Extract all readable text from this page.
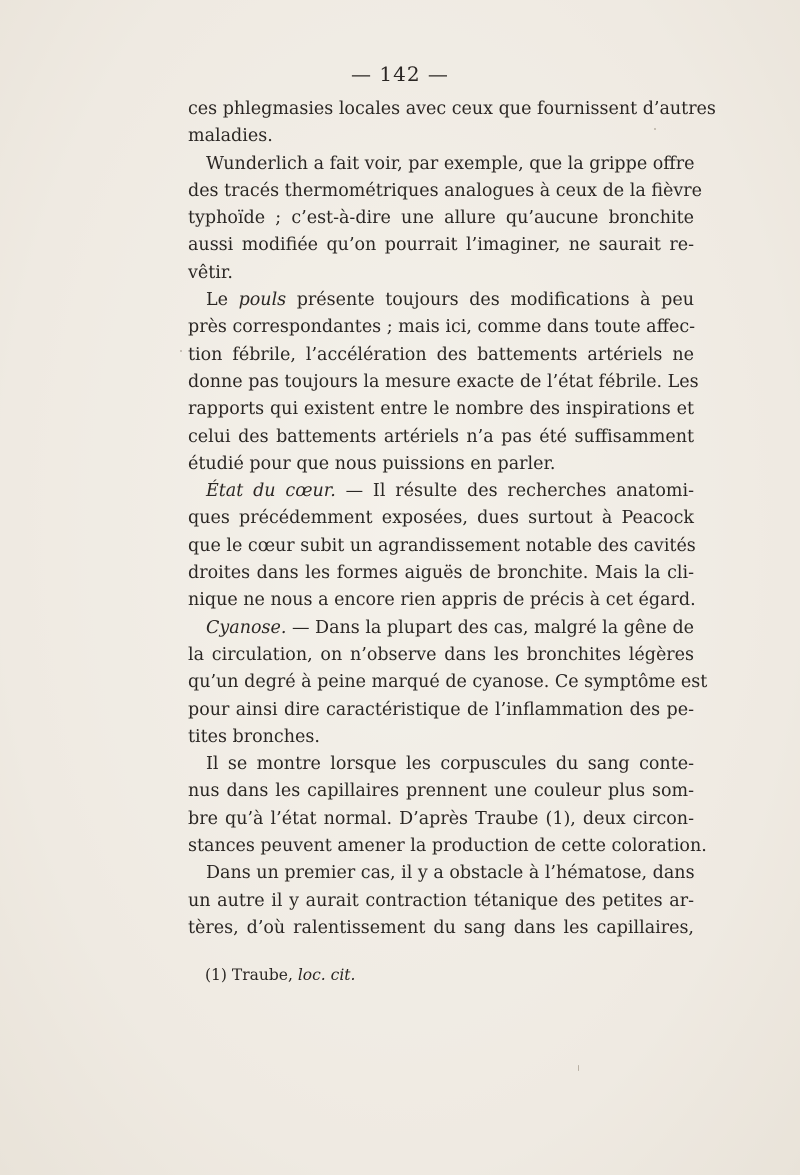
— 142 —
ces phlegmasies locales avec ceux que fournissent d’autres
maladies.
Wunderlich a fait voir, par exemple, que la grippe offre
des tracés thermométriques analogues à ceux de la fièvre
typhoïde ; c’est-à-dire une allure qu’aucune bronchite
aussi modifiée qu’on pourrait l’imaginer, ne saurait re-
vêtir.
Le pouls présente toujours des modifications à peu
près correspondantes ; mais ici, comme dans toute affec-
tion fébrile, l’accélération des battements artériels ne
donne pas toujours la mesure exacte de l’état fébrile. Les
rapports qui existent entre le nombre des inspirations et
celui des battements artériels n’a pas été suffisamment
étudié pour que nous puissions en parler.
État du cœur. — Il résulte des recherches anatomi-
ques précédemment exposées, dues surtout à Peacock
que le cœur subit un agrandissement notable des cavités
droites dans les formes aiguës de bronchite. Mais la cli-
nique ne nous a encore rien appris de précis à cet égard.
Cyanose. — Dans la plupart des cas, malgré la gêne de
la circulation, on n’observe dans les bronchites légères
qu’un degré à peine marqué de cyanose. Ce symptôme est
pour ainsi dire caractéristique de l’inflammation des pe-
tites bronches.
Il se montre lorsque les corpuscules du sang conte-
nus dans les capillaires prennent une couleur plus som-
bre qu’à l’état normal. D’après Traube (1), deux circon-
stances peuvent amener la production de cette coloration.
Dans un premier cas, il y a obstacle à l’hématose, dans
un autre il y aurait contraction tétanique des petites ar-
tères, d’où ralentissement du sang dans les capillaires,
(1) Traube, loc. cit.
